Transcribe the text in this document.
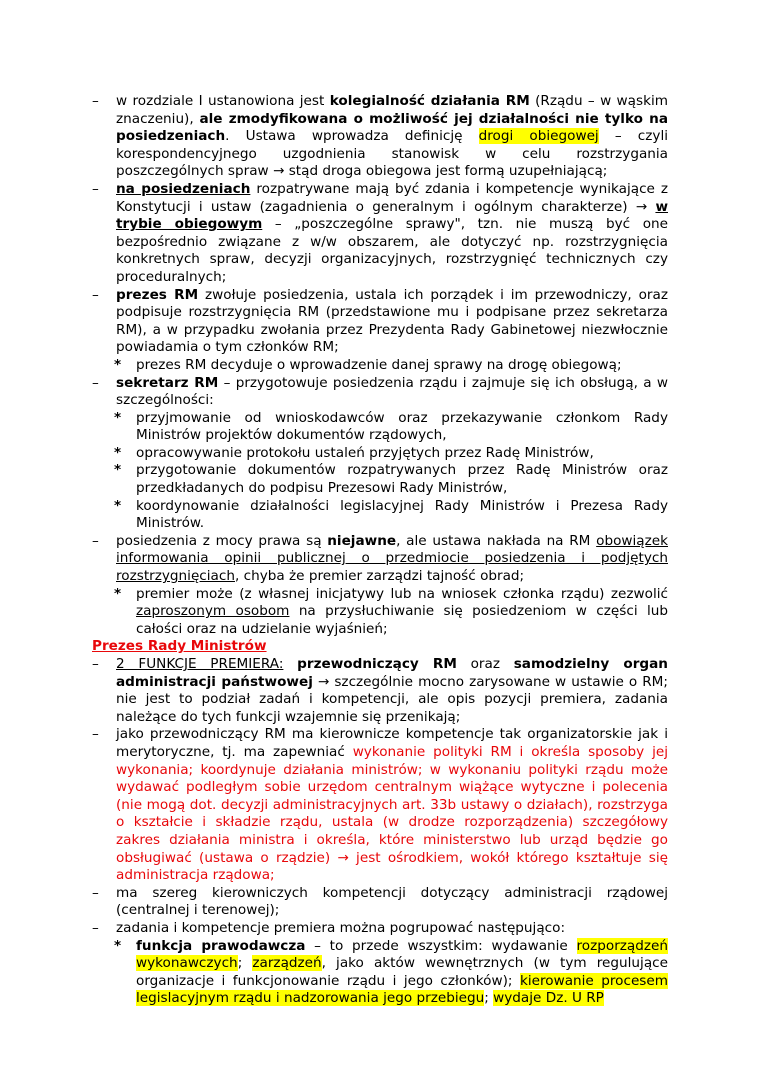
– w rozdziale I ustanowiona jest kolegialność działania RM (Rządu – w wąskim znaczeniu), ale zmodyfikowana o możliwość jej działalności nie tylko na posiedzeniach. Ustawa wprowadza definicję drogi obiegowej – czyli korespondencyjnego uzgodnienia stanowisk w celu rozstrzygania poszczególnych spraw → stąd droga obiegowa jest formą uzupełniającą;

– na posiedzeniach rozpatrywane mają być zdania i kompetencje wynikające z Konstytucji i ustaw (zagadnienia o generalnym i ogólnym charakterze) → w trybie obiegowym – „poszczególne sprawy", tzn. nie muszą być one bezpośrednio związane z w/w obszarem, ale dotyczyć np. rozstrzygnięcia konkretnych spraw, decyzji organizacyjnych, rozstrzygnięć technicznych czy proceduralnych;

– prezes RM zwołuje posiedzenia, ustala ich porządek i im przewodniczy, oraz podpisuje rozstrzygnięcia RM (przedstawione mu i podpisane przez sekretarza RM), a w przypadku zwołania przez Prezydenta Rady Gabinetowej niezwłocznie powiadamia o tym członków RM;

* prezes RM decyduje o wprowadzenie danej sprawy na drogę obiegową;

– sekretarz RM – przygotowuje posiedzenia rządu i zajmuje się ich obsługą, a w szczególności:

* przyjmowanie od wnioskodawców oraz przekazywanie członkom Rady Ministrów projektów dokumentów rządowych,

* opracowywanie protokołu ustaleń przyjętych przez Radę Ministrów,

* przygotowanie dokumentów rozpatrywanych przez Radę Ministrów oraz przedkładanych do podpisu Prezesowi Rady Ministrów,

* koordynowanie działalności legislacyjnej Rady Ministrów i Prezesa Rady Ministrów.

– posiedzenia z mocy prawa są niejawne, ale ustawa nakłada na RM obowiązek informowania opinii publicznej o przedmiocie posiedzenia i podjętych rozstrzygnięciach, chyba że premier zarządzi tajność obrad;

* premier może (z własnej inicjatywy lub na wniosek członka rządu) zezwolić zaproszonym osobom na przysłuchiwanie się posiedzeniom w części lub całości oraz na udzielanie wyjaśnień;

Prezes Rady Ministrów

– 2 FUNKCJE PREMIERA: przewodniczący RM oraz samodzielny organ administracji państwowej → szczególnie mocno zarysowane w ustawie o RM; nie jest to podział zadań i kompetencji, ale opis pozycji premiera, zadania należące do tych funkcji wzajemnie się przenikają;

– jako przewodniczący RM ma kierownicze kompetencje tak organizatorskie jak i merytoryczne, tj. ma zapewniać wykonanie polityki RM i określa sposoby jej wykonania; koordynuje działania ministrów; w wykonaniu polityki rządu może wydawać podległym sobie urzędom centralnym wiążące wytyczne i polecenia (nie mogą dot. decyzji administracyjnych art. 33b ustawy o działach), rozstrzyga o kształcie i składzie rządu, ustala (w drodze rozporządzenia) szczegółowy zakres działania ministra i określa, które ministerstwo lub urząd będzie go obsługiwać (ustawa o rządzie) → jest ośrodkiem, wokół którego kształtuje się administracja rządowa;

– ma szereg kierowniczych kompetencji dotyczący administracji rządowej (centralnej i terenowej);

– zadania i kompetencje premiera można pogrupować następująco:

* funkcja prawodawcza – to przede wszystkim: wydawanie rozporządzeń wykonawczych; zarządzeń, jako aktów wewnętrznych (w tym regulujące organizacje i funkcjonowanie rządu i jego członków); kierowanie procesem legislacyjnym rządu i nadzorowania jego przebiegu; wydaje Dz. U RP
